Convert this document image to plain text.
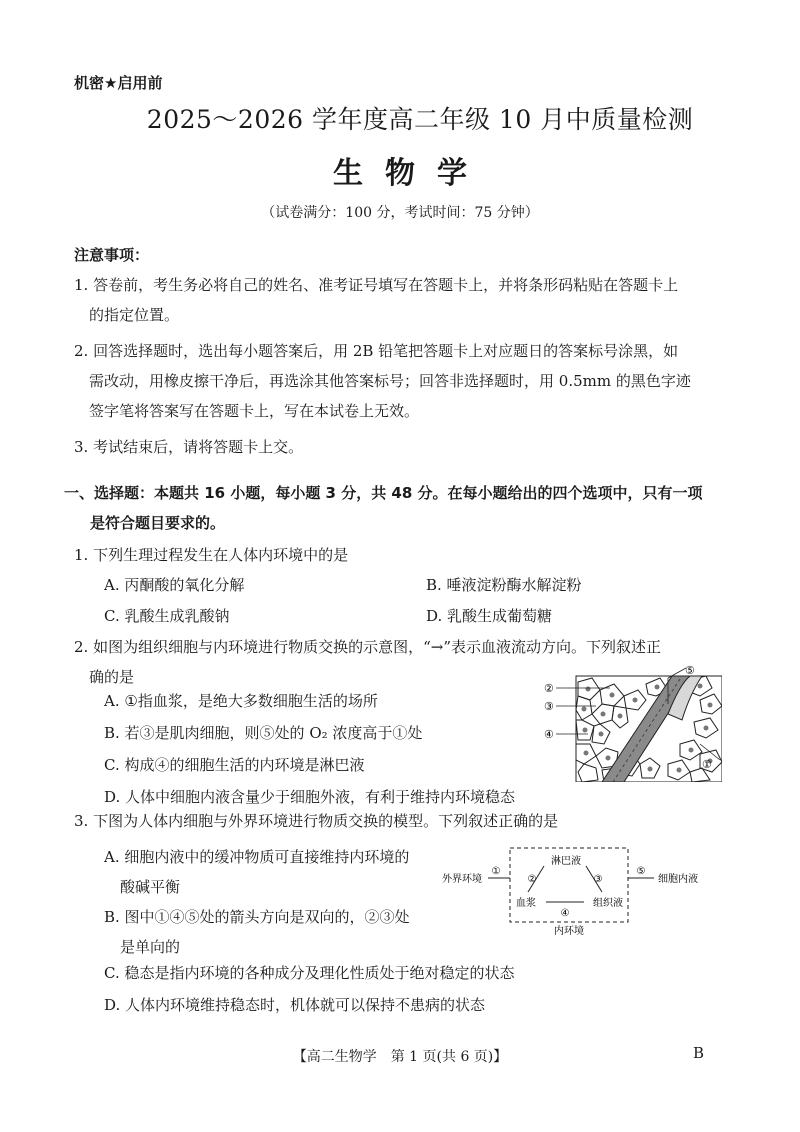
机密★启用前
2025～2026 学年度高二年级 10 月中质量检测
生物学
（试卷满分：100 分，考试时间：75 分钟）
注意事项：
1. 答卷前，考生务必将自己的姓名、准考证号填写在答题卡上，并将条形码粘贴在答题卡上
的指定位置。
2. 回答选择题时，选出每小题答案后，用 2B 铅笔把答题卡上对应题日的答案标号涂黑，如
需改动，用橡皮擦干净后，再选涂其他答案标号；回答非选择题时，用 0.5mm 的黑色字迹
签字笔将答案写在答题卡上，写在本试卷上无效。
3. 考试结束后，请将答题卡上交。
一、选择题：本题共 16 小题，每小题 3 分，共 48 分。在每小题给出的四个选项中，只有一项
是符合题目要求的。
1. 下列生理过程发生在人体内环境中的是
A. 丙酮酸的氧化分解	B. 唾液淀粉酶水解淀粉
C. 乳酸生成乳酸钠	D. 乳酸生成葡萄糖
2. 如图为组织细胞与内环境进行物质交换的示意图，“→”表示血液流动方向。下列叙述正
确的是
A. ①指血浆，是绝大多数细胞生活的场所
B. 若③是肌肉细胞，则⑤处的 O₂ 浓度高于①处
C. 构成④的细胞生活的内环境是淋巴液
D. 人体中细胞内液含量少于细胞外液，有利于维持内环境稳态
②
③
④
⑤
①
3. 下图为人体内细胞与外界环境进行物质交换的模型。下列叙述正确的是
A. 细胞内液中的缓冲物质可直接维持内环境的
酸碱平衡
B. 图中①④⑤处的箭头方向是双向的，②③处
是单向的
C. 稳态是指内环境的各种成分及理化性质处于绝对稳定的状态
D. 人体内环境维持稳态时，机体就可以保持不患病的状态
外界环境
①
淋巴液
②	③
血浆	组织液
④
⑤
细胞内液
内环境
【高二生物学　第 1 页(共 6 页)】	B
